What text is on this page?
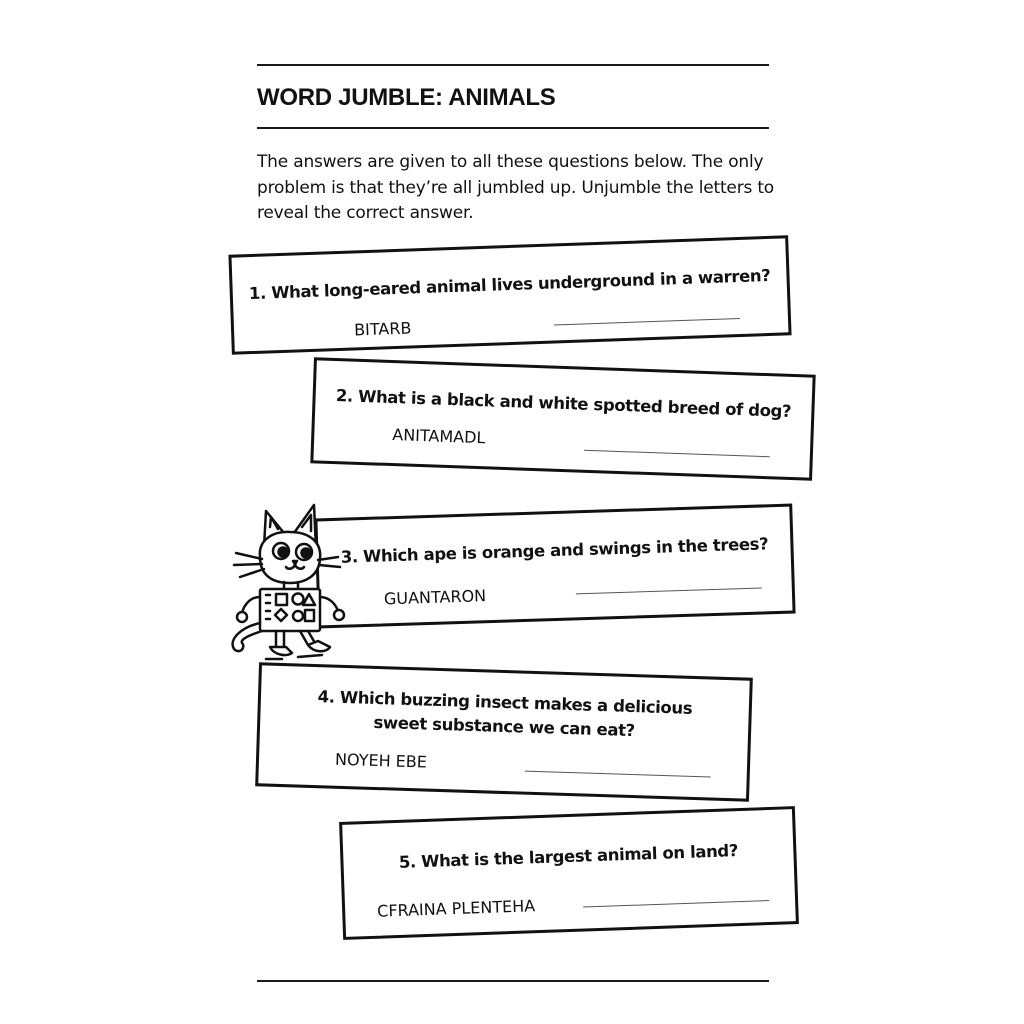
WORD JUMBLE: ANIMALS

The answers are given to all these questions below. The only problem is that they’re all jumbled up. Unjumble the letters to reveal the correct answer.

1. What long-eared animal lives underground in a warren?
BITARB
2. What is a black and white spotted breed of dog?
ANITAMADL
3. Which ape is orange and swings in the trees?
GUANTARON
4. Which buzzing insect makes a delicious
sweet substance we can eat?
NOYEH EBE
5. What is the largest animal on land?
CFRAINA PLENTEHA
